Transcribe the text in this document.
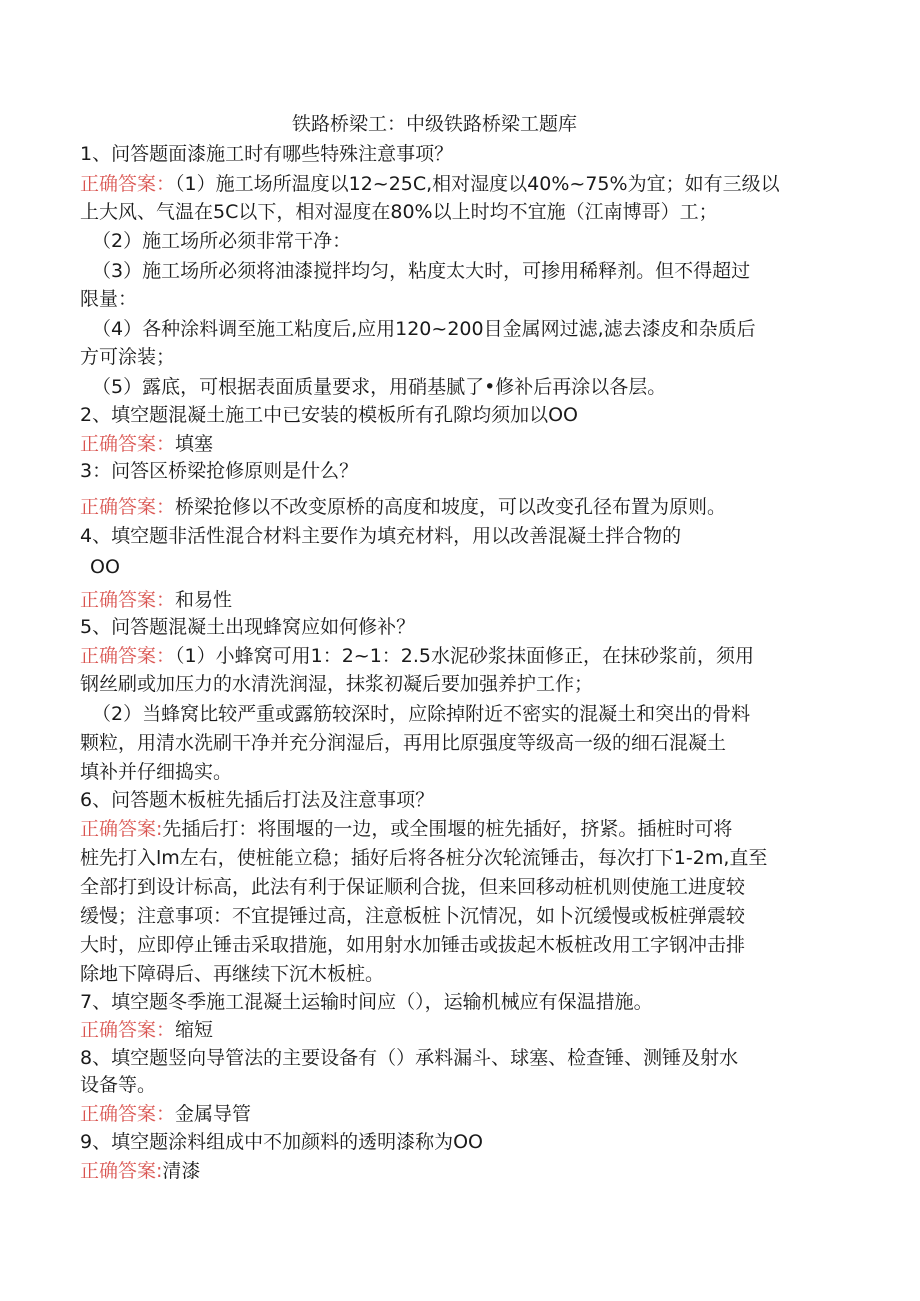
铁路桥梁工：中级铁路桥梁工题库
1、问答题面漆施工时有哪些特殊注意事项？
正确答案：（1）施工场所温度以12~25C,相对湿度以40%~75%为宜；如有三级以
上大风、气温在5C以下，相对湿度在80%以上时均不宜施（江南博哥）工；
（2）施工场所必须非常干净：
（3）施工场所必须将油漆搅拌均匀，粘度太大时，可掺用稀释剂。但不得超过
限量：
（4）各种涂料调至施工粘度后,应用120~200目金属网过滤,滤去漆皮和杂质后
方可涂装；
（5）露底，可根据表面质量要求，用硝基腻了•修补后再涂以各层。
2、填空题混凝土施工中已安装的模板所有孔隙均须加以OO
正确答案：填塞
3：问答区桥梁抢修原则是什么？
正确答案：桥梁抢修以不改变原桥的高度和坡度，可以改变孔径布置为原则。
4、填空题非活性混合材料主要作为填充材料，用以改善混凝土拌合物的
OO
正确答案：和易性
5、问答题混凝土出现蜂窝应如何修补？
正确答案：（1）小蜂窝可用1：2~1：2.5水泥砂浆抹面修正，在抹砂浆前，须用
钢丝刷或加压力的水清洗润湿，抹浆初凝后要加强养护工作；
（2）当蜂窝比较严重或露筋较深时，应除掉附近不密实的混凝土和突出的骨料
颗粒，用清水洗刷干净并充分润湿后，再用比原强度等级高一级的细石混凝土
填补并仔细捣实。
6、问答题木板桩先插后打法及注意事项？
正确答案:先插后打：将围堰的一边，或全围堰的桩先插好，挤紧。插桩时可将
桩先打入lm左右，使桩能立稳；插好后将各桩分次轮流锤击，每次打下1-2m,直至
全部打到设计标高，此法有利于保证顺利合拢，但来回移动桩机则使施工进度较
缓慢；注意事项：不宜提锤过高，注意板桩卜沉情况，如卜沉缓慢或板桩弹震较
大时，应即停止锤击采取措施，如用射水加锤击或拔起木板桩改用工字钢冲击排
除地下障碍后、再继续下沉木板桩。
7、填空题冬季施工混凝土运输时间应（），运输机械应有保温措施。
正确答案：缩短
8、填空题竖向导管法的主要设备有（）承料漏斗、球塞、检查锤、测锤及射水
设备等。
正确答案：金属导管
9、填空题涂料组成中不加颜料的透明漆称为OO
正确答案:清漆
